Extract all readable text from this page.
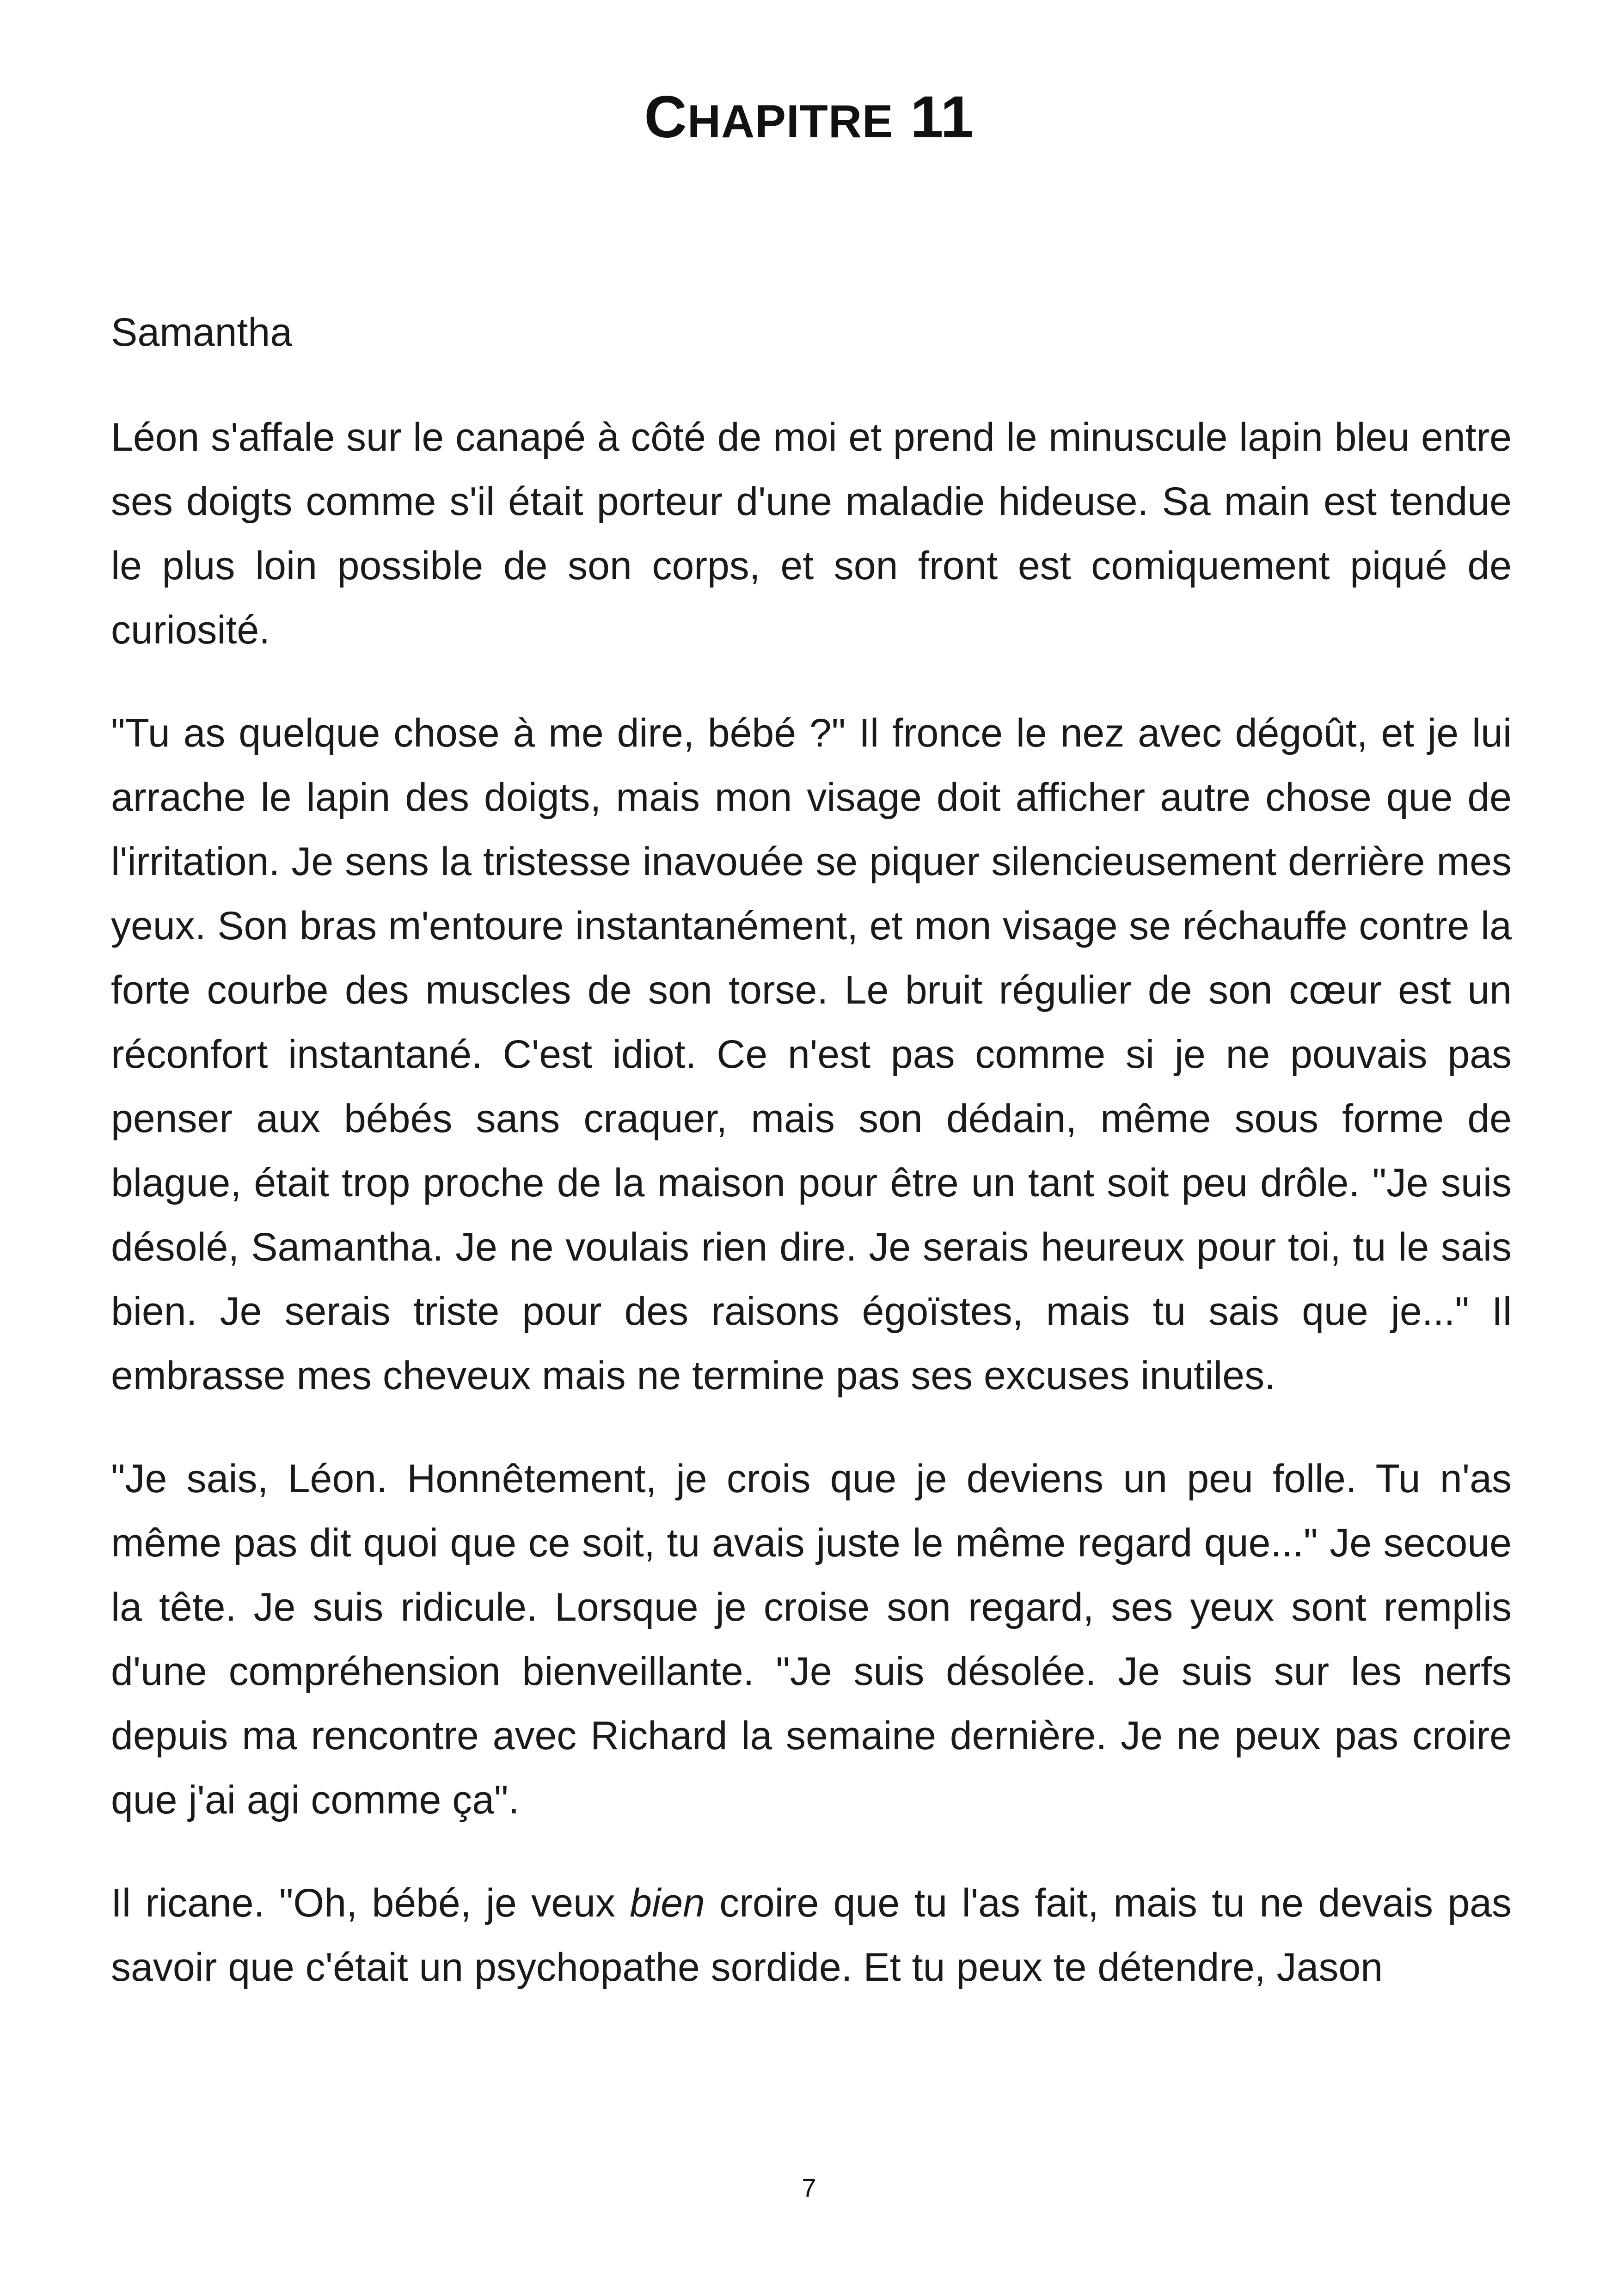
CHAPITRE 11

Samantha

Léon s'affale sur le canapé à côté de moi et prend le minuscule lapin bleu entre ses doigts comme s'il était porteur d'une maladie hideuse. Sa main est tendue le plus loin possible de son corps, et son front est comiquement piqué de curiosité.

"Tu as quelque chose à me dire, bébé ?" Il fronce le nez avec dégoût, et je lui arrache le lapin des doigts, mais mon visage doit afficher autre chose que de l'irritation. Je sens la tristesse inavouée se piquer silencieusement derrière mes yeux. Son bras m'entoure instantanément, et mon visage se réchauffe contre la forte courbe des muscles de son torse. Le bruit régulier de son cœur est un réconfort instantané. C'est idiot. Ce n'est pas comme si je ne pouvais pas penser aux bébés sans craquer, mais son dédain, même sous forme de blague, était trop proche de la maison pour être un tant soit peu drôle. "Je suis désolé, Samantha. Je ne voulais rien dire. Je serais heureux pour toi, tu le sais bien. Je serais triste pour des raisons égoïstes, mais tu sais que je..." Il embrasse mes cheveux mais ne termine pas ses excuses inutiles.

"Je sais, Léon. Honnêtement, je crois que je deviens un peu folle. Tu n'as même pas dit quoi que ce soit, tu avais juste le même regard que..." Je secoue la tête. Je suis ridicule. Lorsque je croise son regard, ses yeux sont remplis d'une compréhension bienveillante. "Je suis désolée. Je suis sur les nerfs depuis ma rencontre avec Richard la semaine dernière. Je ne peux pas croire que j'ai agi comme ça".

Il ricane. "Oh, bébé, je veux bien croire que tu l'as fait, mais tu ne devais pas savoir que c'était un psychopathe sordide. Et tu peux te détendre, Jason

7
